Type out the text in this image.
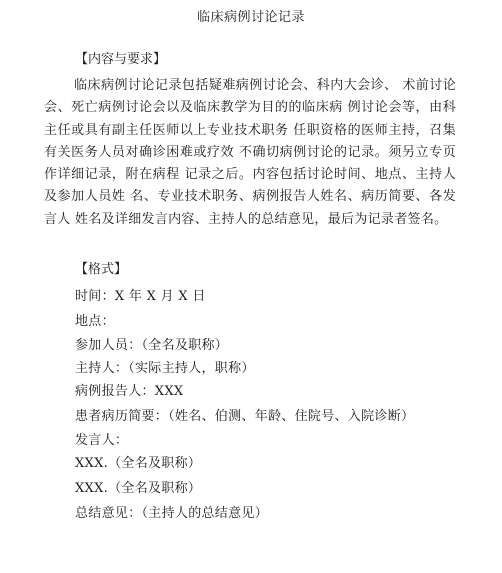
临床病例讨论记录
【内容与要求】
临床病例讨论记录包括疑难病例讨论会、科内大会诊、 术前讨论会、死亡病例讨论会以及临床教学为目的的临床病 例讨论会等，由科主任或具有副主任医师以上专业技术职务 任职资格的医师主持，召集有关医务人员对确诊困难或疗效 不确切病例讨论的记录。须另立专页作详细记录，附在病程 记录之后。内容包括讨论时间、地点、主持人及参加人员姓 名、专业技术职务、病例报告人姓名、病历简要、各发言人 姓名及详细发言内容、主持人的总结意见，最后为记录者签名。
【格式】
时间：X 年 X 月 X 日
地点：
参加人员：（全名及职称）
主持人：（实际主持人，职称）
病例报告人：XXX
患者病历简要：（姓名、伯测、年龄、住院号、入院诊断）
发言人：
XXX.（全名及职称）
XXX.（全名及职称）
总结意见：（主持人的总结意见）
